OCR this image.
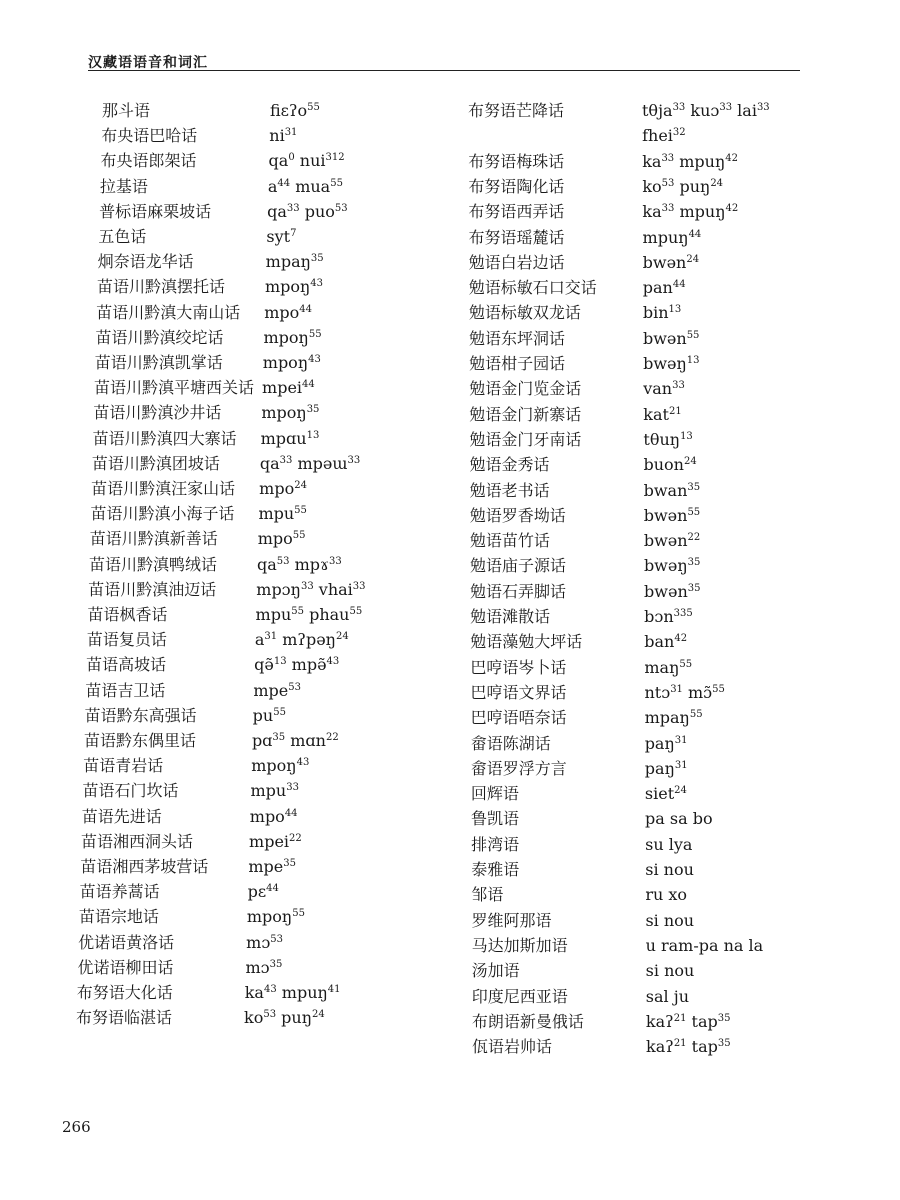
汉藏语语音和词汇
那斗语	fiɛʔo$^{55}$
布央语巴哈话	$ni^{31}$
布央语郎架话	$qa^0$ nui$^{312}$
拉基语	$a^{44}$ mua$^{55}$
普标语麻栗坡话	$qa^{33}$ puo$^{53}$
五色话	syt$^7$
炯奈语龙华话	mpaŋ$^{35}$
苗语川黔滇摆托话 mpoŋ$^{43}$
苗语川黔滇大南山话 mpo$^{44}$
苗语川黔滇绞坨话 mpoŋ$^{55}$
苗语川黔滇凯掌话 mpoŋ$^{43}$
苗语川黔滇平塘西关话 mpei$^{44}$
苗语川黔滇沙井话 mpoŋ$^{35}$
苗语川黔滇四大寨话 mpɑu$^{13}$
苗语川黔滇团坡话 $qa^{33}$ mpəɯ$^{33}$
苗语川黔滇汪家山话 mpo$^{24}$
苗语川黔滇小海子话 mpu$^{55}$
苗语川黔滇新善话 mpo$^{55}$
苗语川黔滇鸭绒话 $qa^{53}$ mpɤ$^{33}$
苗语川黔滇油迈话 mpɔŋ$^{33}$ vhai$^{33}$
苗语枫香话	mpu$^{55}$ phau$^{55}$
苗语复员话	$a^{31}$ mʔpəŋ$^{24}$
苗语高坡话	qə̃$^{13}$ mpə̃$^{43}$
苗语吉卫话	mpe$^{53}$
苗语黔东高强话	$pu^{55}$
苗语黔东偶里话	pɑ$^{35}$ mɑn$^{22}$
苗语青岩话	mpoŋ$^{43}$
苗语石门坎话	mpu$^{33}$
苗语先进话	mpo$^{44}$
苗语湘西洞头话	mpei$^{22}$
苗语湘西茅坡营话 mpe$^{35}$
苗语养蒿话	pɛ$^{44}$
苗语宗地话	mpoŋ$^{55}$
优诺语黄洛话	mɔ$^{53}$
优诺语柳田话	mɔ$^{35}$
布努语大化话	$ka^{43}$ mpuŋ$^{41}$
布努语临湛话	$ko^{53}$ puŋ$^{24}$
布努语芒降话	tθja$^{33}$ kuɔ$^{33}$ lai$^{33}$
fhei$^{32}$
布努语梅珠话	$ka^{33}$ mpuŋ$^{42}$
布努语陶化话	$ko^{53}$ puŋ$^{24}$
布努语西弄话	$ka^{33}$ mpuŋ$^{42}$
布努语瑶麓话	mpuŋ$^{44}$
勉语白岩边话	bwən$^{24}$
勉语标敏石口交话	pan$^{44}$
勉语标敏双龙话	bin$^{13}$
勉语东坪洞话	bwən$^{55}$
勉语柑子园话	bwəŋ$^{13}$
勉语金门览金话	van$^{33}$
勉语金门新寨话	kat$^{21}$
勉语金门牙南话	tθuŋ$^{13}$
勉语金秀话	buon$^{24}$
勉语老书话	bwan$^{35}$
勉语罗香坳话	bwən$^{55}$
勉语苗竹话	bwən$^{22}$
勉语庙子源话	bwəŋ$^{35}$
勉语石弄脚话	bwən$^{35}$
勉语滩散话	bɔn$^{335}$
勉语藻勉大坪话	ban$^{42}$
巴哼语岑卜话	maŋ$^{55}$
巴哼语文界话	ntɔ$^{31}$ mɔ̃$^{55}$
巴哼语唔奈话	mpaŋ$^{55}$
畲语陈湖话	paŋ$^{31}$
畲语罗浮方言	paŋ$^{31}$
回辉语	siet$^{24}$
鲁凯语	pa sa bo
排湾语	su lya
泰雅语	si nou
邹语	ru xo
罗维阿那语	si nou
马达加斯加语	u ram-pa na la
汤加语	si nou
印度尼西亚语	sal ju
布朗语新曼俄话	kaʔ$^{21}$ tap$^{35}$
佤语岩帅话	kaʔ$^{21}$ tap$^{35}$
266
